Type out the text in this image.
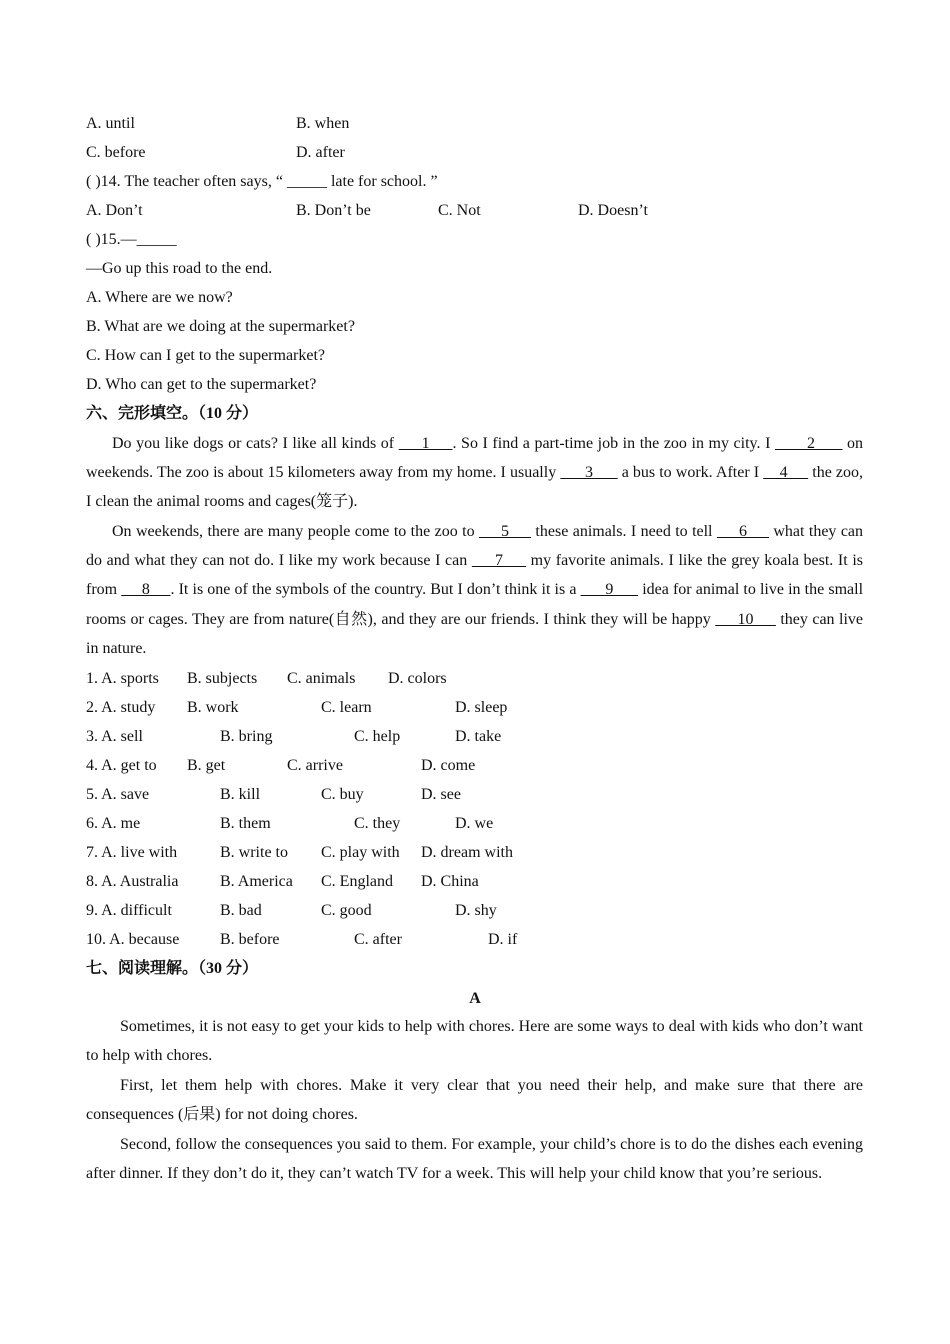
A. until	B. when
C. before	D. after
( )14. The teacher often says, “ _____ late for school. ”
A. Don’t	B. Don’t be	C. Not	D. Doesn’t
( )15.—_____
—Go up this road to the end.
A. Where are we now?
B. What are we doing at the supermarket?
C. How can I get to the supermarket?
D. Who can get to the supermarket?
六、完形填空。（10 分）
Do you like dogs or cats? I like all kinds of      1     . So I find a part-time job in the zoo in my city. I        2       on weekends. The zoo is about 15 kilometers away from my home. I usually       3       a bus to work. After I     4      the zoo, I clean the animal rooms and cages(笼子).
On weekends, there are many people come to the zoo to      5      these animals. I need to tell      6      what they can do and what they can not do. I like my work because I can      7      my favorite animals. I like the grey koala best. It is from      8     . It is one of the symbols of the country. But I don’t think it is a       9       idea for animal to live in the small rooms or cages. They are from nature(自然), and they are our friends. I think they will be happy      10      they can live in nature.
1. A. sports B. subjects C. animals D. colors
2. A. study B. work	C. learn	D. sleep
3. A. sell	B. bring	C. help	D. take
4. A. get to B. get	C. arrive	D. come
5. A. save	B. kill	C. buy	D. see
6. A. me	B. them	C. they	D. we
7. A. live with	B. write to C. play with D. dream with
8. A. Australia	B. America C. England D. China
9. A. difficult	B. bad	C. good	D. shy
10. A. because	B. before	C. after	D. if
七、阅读理解。（30 分）
A
Sometimes, it is not easy to get your kids to help with chores. Here are some ways to deal with kids who don’t want to help with chores.
First, let them help with chores. Make it very clear that you need their help, and make sure that there are consequences (后果) for not doing chores.
Second, follow the consequences you said to them. For example, your child’s chore is to do the dishes each evening after dinner. If they don’t do it, they can’t watch TV for a week. This will help your child know that you’re serious.
